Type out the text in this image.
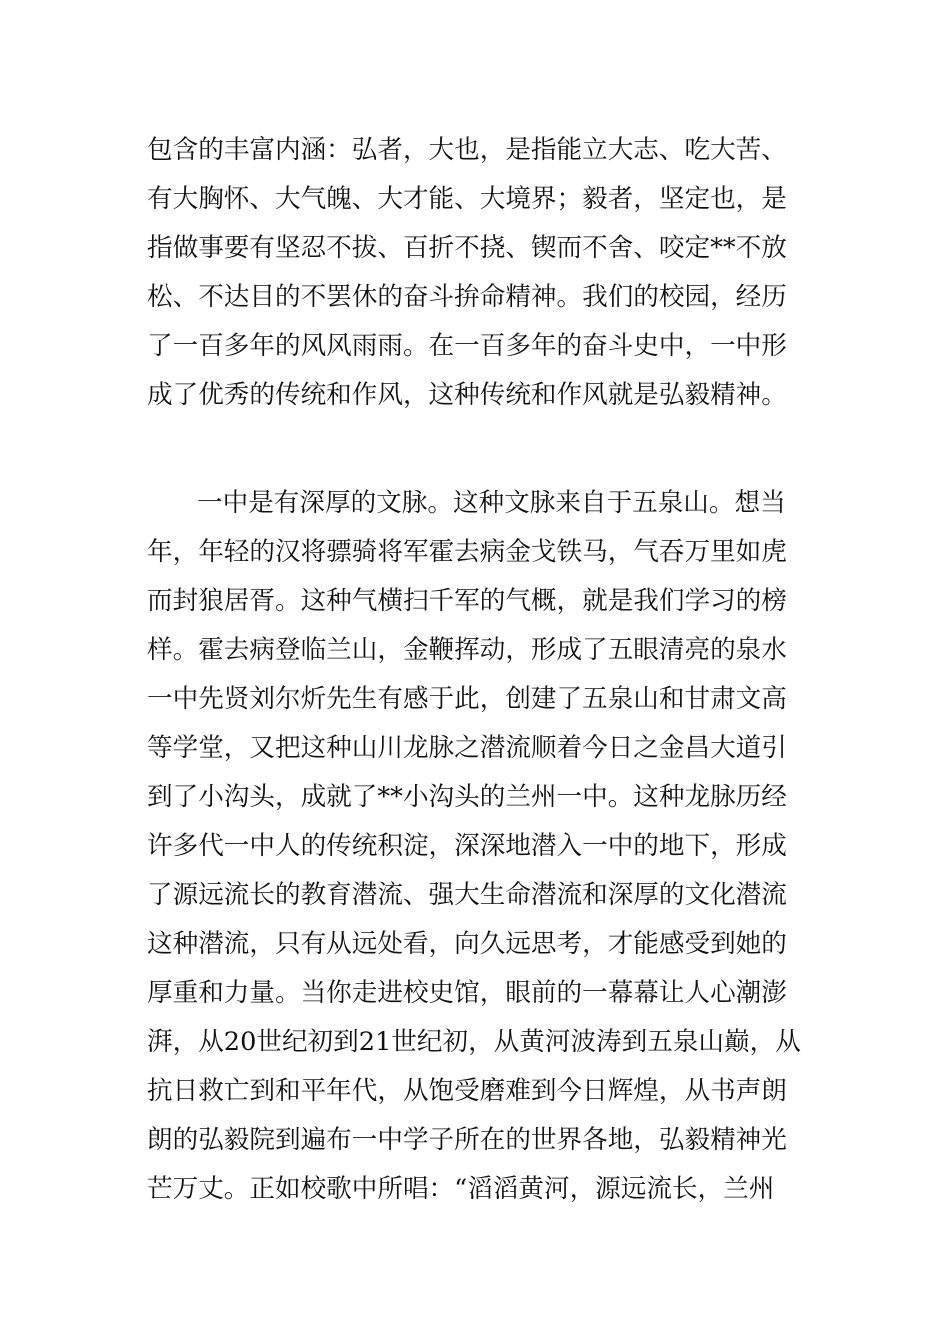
包含的丰富内涵：弘者，大也，是指能立大志、吃大苦、
有大胸怀、大气魄、大才能、大境界；毅者，坚定也，是
指做事要有坚忍不拔、百折不挠、锲而不舍、咬定**不放
松、不达目的不罢休的奋斗拚命精神。我们的校园，经历
了一百多年的风风雨雨。在一百多年的奋斗史中，一中形
成了优秀的传统和作风，这种传统和作风就是弘毅精神。
一中是有深厚的文脉。这种文脉来自于五泉山。想当
年，年轻的汉将骠骑将军霍去病金戈铁马，气吞万里如虎
而封狼居胥。这种气横扫千军的气概，就是我们学习的榜
样。霍去病登临兰山，金鞭挥动，形成了五眼清亮的泉水
一中先贤刘尔炘先生有感于此，创建了五泉山和甘肃文高
等学堂，又把这种山川龙脉之潜流顺着今日之金昌大道引
到了小沟头，成就了**小沟头的兰州一中。这种龙脉历经
许多代一中人的传统积淀，深深地潜入一中的地下，形成
了源远流长的教育潜流、强大生命潜流和深厚的文化潜流
这种潜流，只有从远处看，向久远思考，才能感受到她的
厚重和力量。当你走进校史馆，眼前的一幕幕让人心潮澎
湃，从20世纪初到21世纪初，从黄河波涛到五泉山巅，从
抗日救亡到和平年代，从饱受磨难到今日辉煌，从书声朗
朗的弘毅院到遍布一中学子所在的世界各地，弘毅精神光
芒万丈。正如校歌中所唱：“滔滔黄河，源远流长，兰州
